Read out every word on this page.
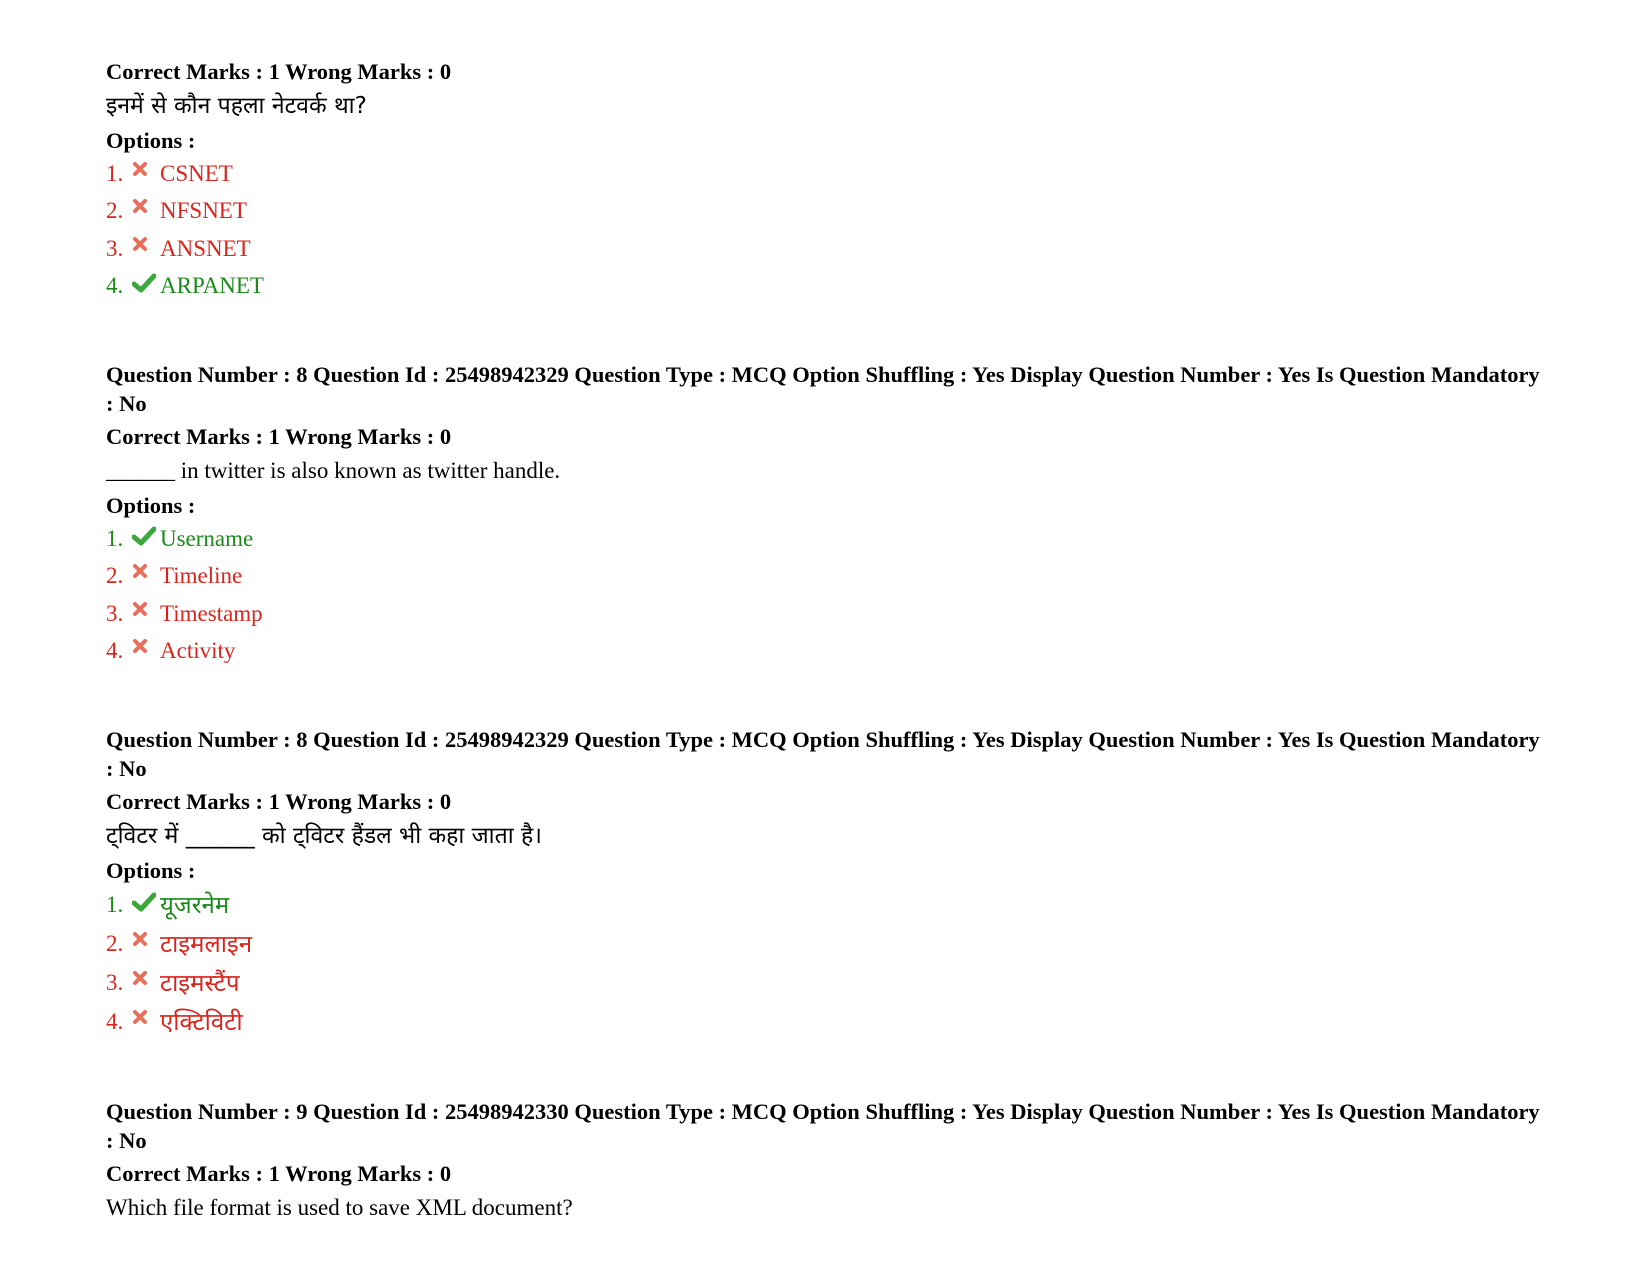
Correct Marks : 1 Wrong Marks : 0
इनमें से कौन पहला नेटवर्क था?
Options :
1.	CSNET
2.	NFSNET
3.	ANSNET
4.	ARPANET
Question Number : 8 Question Id : 25498942329 Question Type : MCQ Option Shuffling : Yes Display Question Number : Yes Is Question Mandatory : No
Correct Marks : 1 Wrong Marks : 0
______ in twitter is also known as twitter handle.
Options :
1.	Username
2.	Timeline
3.	Timestamp
4.	Activity
Question Number : 8 Question Id : 25498942329 Question Type : MCQ Option Shuffling : Yes Display Question Number : Yes Is Question Mandatory : No
Correct Marks : 1 Wrong Marks : 0
ट्विटर में ______ को ट्विटर हैंडल भी कहा जाता है।
Options :
1.	यूजरनेम
2.	टाइमलाइन
3.	टाइमस्टैंप
4.	एक्टिविटी
Question Number : 9 Question Id : 25498942330 Question Type : MCQ Option Shuffling : Yes Display Question Number : Yes Is Question Mandatory : No
Correct Marks : 1 Wrong Marks : 0
Which file format is used to save XML document?
